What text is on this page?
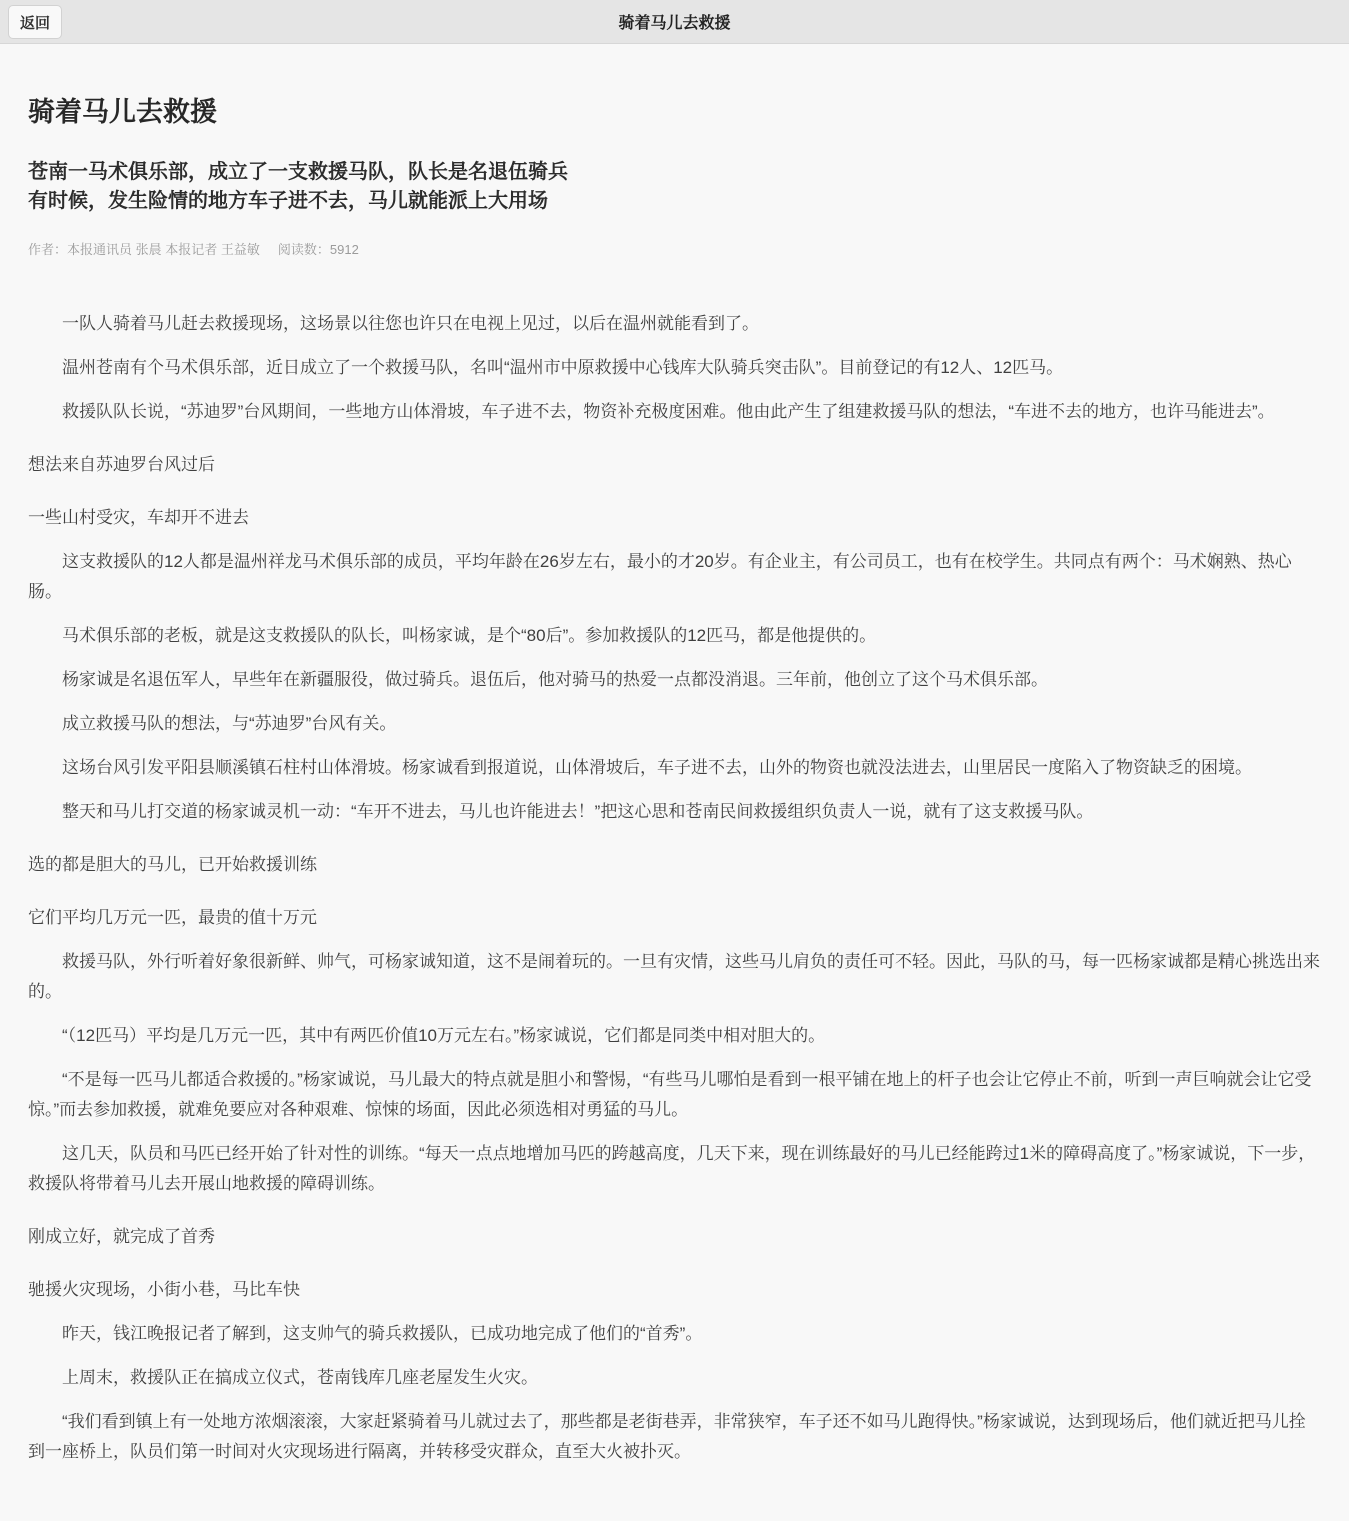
返回	骑着马儿去救援
骑着马儿去救援
苍南一马术俱乐部，成立了一支救援马队，队长是名退伍骑兵
有时候，发生险情的地方车子进不去，马儿就能派上大用场
作者：本报通讯员 张晨 本报记者 王益敏 阅读数：5912
一队人骑着马儿赶去救援现场，这场景以往您也许只在电视上见过，以后在温州就能看到了。
温州苍南有个马术俱乐部，近日成立了一个救援马队，名叫“温州市中原救援中心钱库大队骑兵突击队”。目前登记的有12人、12匹马。
救援队队长说，“苏迪罗”台风期间，一些地方山体滑坡，车子进不去，物资补充极度困难。他由此产生了组建救援马队的想法，“车进不去的地方，也许马能进去”。
想法来自苏迪罗台风过后
一些山村受灾，车却开不进去
这支救援队的12人都是温州祥龙马术俱乐部的成员，平均年龄在26岁左右，最小的才20岁。有企业主，有公司员工，也有在校学生。共同点有两个：马术娴熟、热心肠。
马术俱乐部的老板，就是这支救援队的队长，叫杨家诚，是个“80后”。参加救援队的12匹马，都是他提供的。
杨家诚是名退伍军人，早些年在新疆服役，做过骑兵。退伍后，他对骑马的热爱一点都没消退。三年前，他创立了这个马术俱乐部。
成立救援马队的想法，与“苏迪罗”台风有关。
这场台风引发平阳县顺溪镇石柱村山体滑坡。杨家诚看到报道说，山体滑坡后，车子进不去，山外的物资也就没法进去，山里居民一度陷入了物资缺乏的困境。
整天和马儿打交道的杨家诚灵机一动：“车开不进去，马儿也许能进去！”把这心思和苍南民间救援组织负责人一说，就有了这支救援马队。
选的都是胆大的马儿，已开始救援训练
它们平均几万元一匹，最贵的值十万元
救援马队，外行听着好象很新鲜、帅气，可杨家诚知道，这不是闹着玩的。一旦有灾情，这些马儿肩负的责任可不轻。因此，马队的马，每一匹杨家诚都是精心挑选出来的。
“（12匹马）平均是几万元一匹，其中有两匹价值10万元左右。”杨家诚说，它们都是同类中相对胆大的。
“不是每一匹马儿都适合救援的。”杨家诚说，马儿最大的特点就是胆小和警惕，“有些马儿哪怕是看到一根平铺在地上的杆子也会让它停止不前，听到一声巨响就会让它受惊。”而去参加救援，就难免要应对各种艰难、惊悚的场面，因此必须选相对勇猛的马儿。
这几天，队员和马匹已经开始了针对性的训练。“每天一点点地增加马匹的跨越高度，几天下来，现在训练最好的马儿已经能跨过1米的障碍高度了。”杨家诚说，下一步，救援队将带着马儿去开展山地救援的障碍训练。
刚成立好，就完成了首秀
驰援火灾现场，小街小巷，马比车快
昨天，钱江晚报记者了解到，这支帅气的骑兵救援队，已成功地完成了他们的“首秀”。
上周末，救援队正在搞成立仪式，苍南钱库几座老屋发生火灾。
“我们看到镇上有一处地方浓烟滚滚，大家赶紧骑着马儿就过去了，那些都是老街巷弄，非常狭窄，车子还不如马儿跑得快。”杨家诚说，达到现场后，他们就近把马儿拴到一座桥上，队员们第一时间对火灾现场进行隔离，并转移受灾群众，直至大火被扑灭。
